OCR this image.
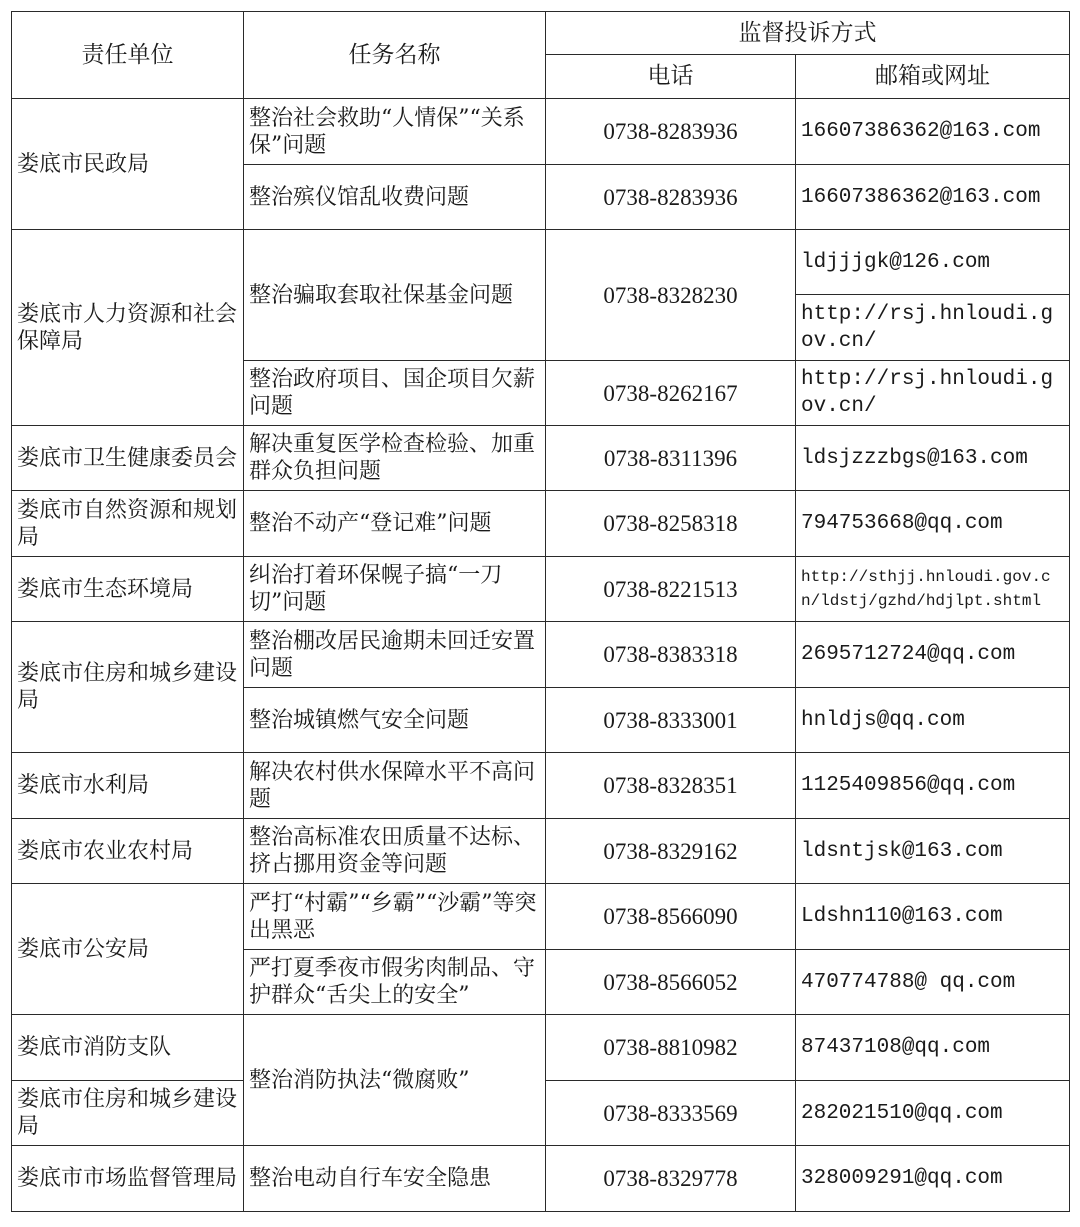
责任单位	任务名称	监督投诉方式	
		电话	邮箱或网址
娄底市民政局	整治社会救助“人情保”“关系保”问题	0738-8283936	16607386362@163.com
	整治殡仪馆乱收费问题	0738-8283936	16607386362@163.com
娄底市人力资源和社会保障局	整治骗取套取社保基金问题	0738-8328230	ldjjjgk@126.com
			http://rsj.hnloudi.gov.cn/
	整治政府项目、国企项目欠薪问题	0738-8262167	http://rsj.hnloudi.gov.cn/
娄底市卫生健康委员会	解决重复医学检查检验、加重群众负担问题	0738-8311396	ldsjzzzbgs@163.com
娄底市自然资源和规划局	整治不动产“登记难”问题	0738-8258318	794753668@qq.com
娄底市生态环境局	纠治打着环保幌子搞“一刀切”问题	0738-8221513	http://sthjj.hnloudi.gov.cn/ldstj/gzhd/hdjlpt.shtml
娄底市住房和城乡建设局	整治棚改居民逾期未回迁安置问题	0738-8383318	2695712724@qq.com
	整治城镇燃气安全问题	0738-8333001	hnldjs@qq.com
娄底市水利局	解决农村供水保障水平不高问题	0738-8328351	1125409856@qq.com
娄底市农业农村局	整治高标准农田质量不达标、挤占挪用资金等问题	0738-8329162	ldsntjsk@163.com
娄底市公安局	严打“村霸”“乡霸”“沙霸”等突出黑恶	0738-8566090	Ldshn110@163.com
	严打夏季夜市假劣肉制品、守护群众“舌尖上的安全”	0738-8566052	470774788@ qq.com
娄底市消防支队	整治消防执法“微腐败”	0738-8810982	87437108@qq.com
娄底市住房和城乡建设局		0738-8333569	282021510@qq.com
娄底市市场监督管理局	整治电动自行车安全隐患	0738-8329778	328009291@qq.com
